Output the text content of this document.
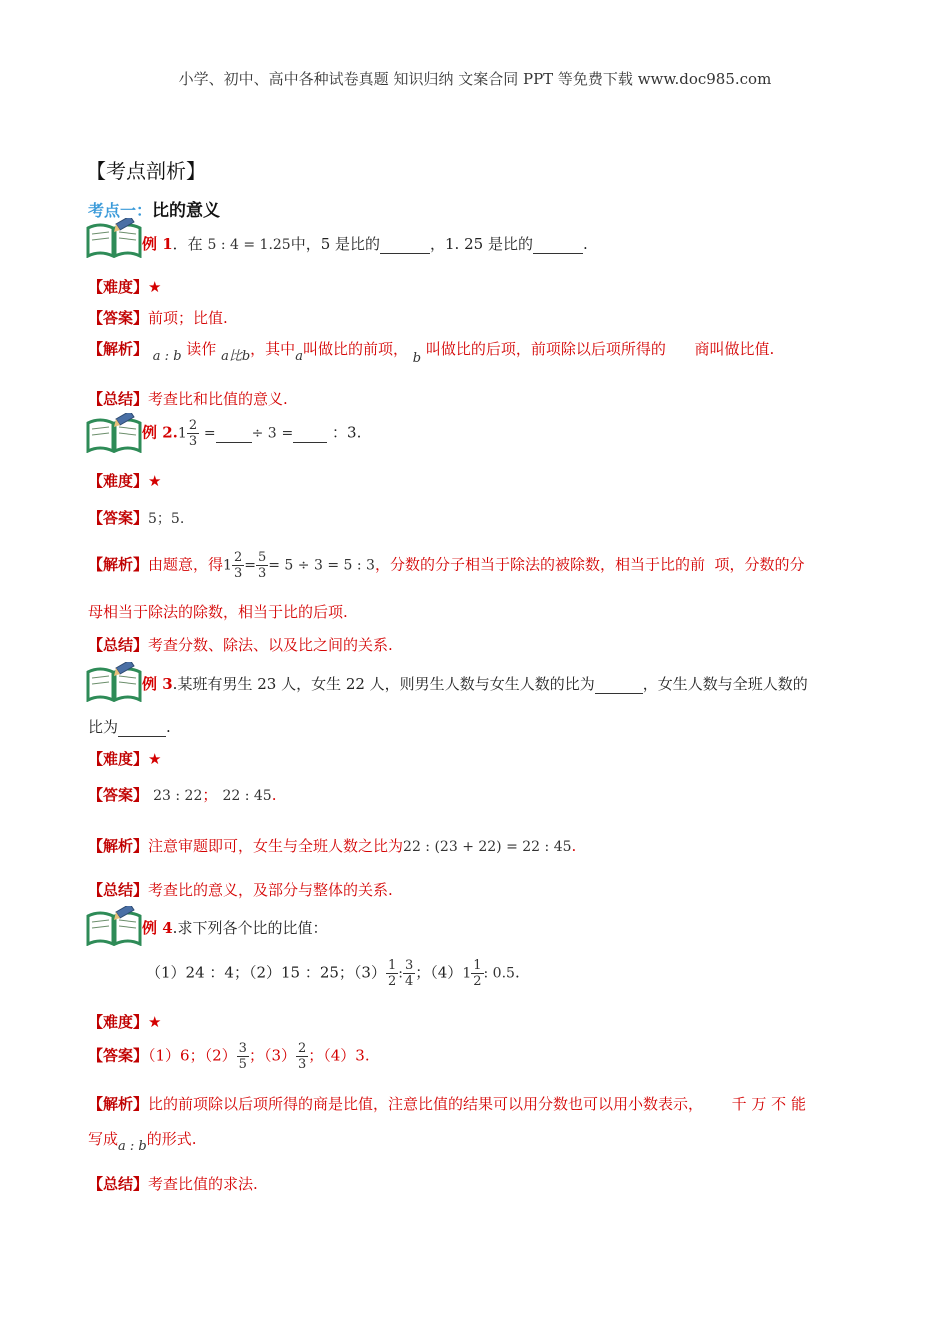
小学、初中、高中各种试卷真题 知识归纳 文案合同 PPT 等免费下载 www.doc985.com
【考点剖析】
考点一：比的意义
例 1．在 5 : 4 = 1.25中，5 是比的	，1. 25 是比的	.
【难度】★
【答案】前项；比值.
【解析】 a : b 读作 a比b，其中a叫做比的前项， b 叫做比的后项，前项除以后项所得的 商叫做比值.
【总结】考查比和比值的意义.
例 $2.1 \frac{2}{3}$ =	÷ 3 =	：3.
【难度】★
【答案】5；5.
【解析】由题意，得$1 \frac{2}{3} = \frac{5}{3} = 5 \div 3 = 5$ : 3，分数的分子相当于除法的被除数，相当于比的前 项，分数的分
母相当于除法的除数，相当于比的后项.
【总结】考查分数、除法、以及比之间的关系.
例 3.某班有男生 23 人，女生 22 人，则男生人数与女生人数的比为	，女生人数与全班人数的
比为	.
【难度】★
【答案】 23 : 22； 22 : 45.
【解析】注意审题即可，女生与全班人数之比为22 : (23 + 22) = 22 : 45.
【总结】考查比的意义，及部分与整体的关系.
例 4.求下列各个比的比值：
（1）24 ：4；（2）15 ：25；$(3) \frac{1}{2}$ : $\frac{3}{4}$ ；$(4)1 \frac{1}{2}$ : 0.5.
【难度】★
【答案】（1）6；$(2) \frac{3}{5}$ ；$(3) \frac{2}{3}$ ；（4）3.
【解析】比的前项除以后项所得的商是比值，注意比值的结果可以用分数也可以用小数表示， 千 万 不 能
写成a : b的形式.
【总结】考查比值的求法.
